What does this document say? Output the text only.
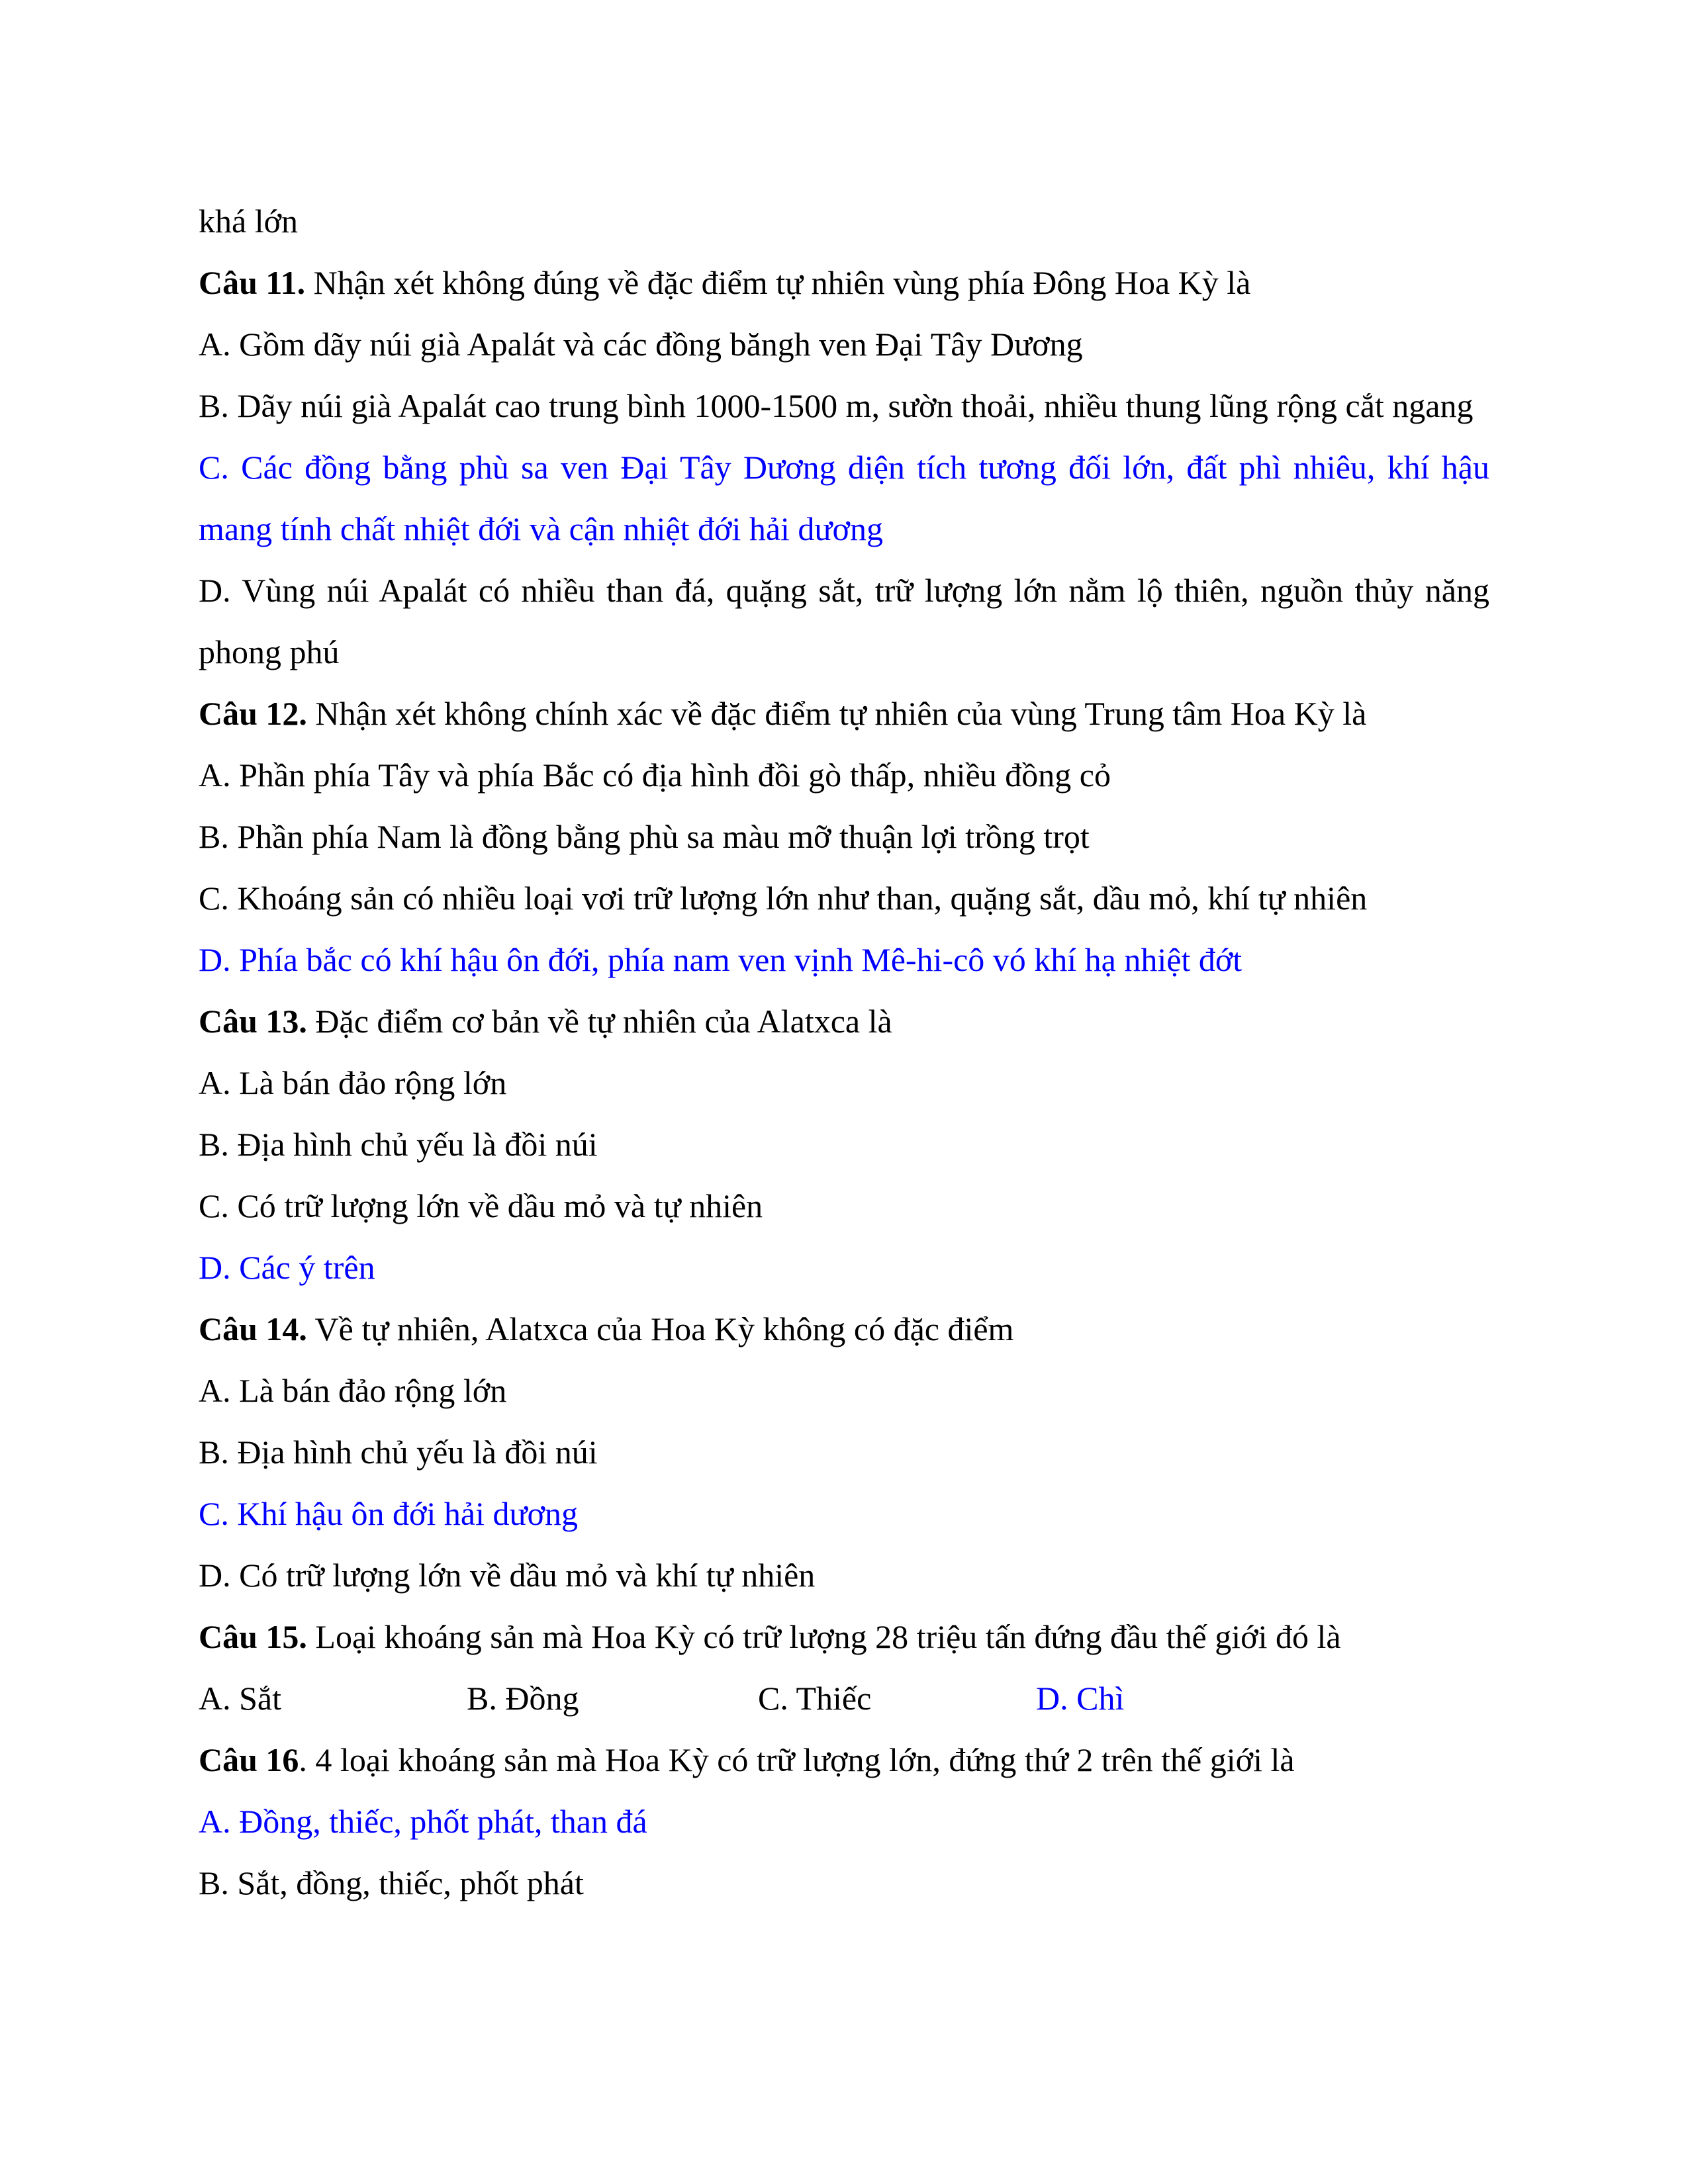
khá lớn
Câu 11. Nhận xét không đúng về đặc điểm tự nhiên vùng phía Đông Hoa Kỳ là
A. Gồm dãy núi già Apalát và các đồng băngh ven Đại Tây Dương
B. Dãy núi già Apalát cao trung bình 1000-1500 m, sườn thoải, nhiều thung lũng rộng cắt ngang
C. Các đồng bằng phù sa ven Đại Tây Dương diện tích tương đối lớn, đất phì nhiêu, khí hậu mang tính chất nhiệt đới và cận nhiệt đới hải dương
D. Vùng núi Apalát có nhiều than đá, quặng sắt, trữ lượng lớn nằm lộ thiên, nguồn thủy năng phong phú
Câu 12. Nhận xét không chính xác về đặc điểm tự nhiên của vùng Trung tâm Hoa Kỳ là
A. Phần phía Tây và phía Bắc có địa hình đồi gò thấp, nhiều đồng cỏ
B. Phần phía Nam là đồng bằng phù sa màu mỡ thuận lợi trồng trọt
C. Khoáng sản có nhiều loại vơi trữ lượng lớn như than, quặng sắt, dầu mỏ, khí tự nhiên
D. Phía bắc có khí hậu ôn đới, phía nam ven vịnh Mê-hi-cô vó khí hạ nhiệt đớt
Câu 13. Đặc điểm cơ bản về tự nhiên của Alatxca là
A. Là bán đảo rộng lớn
B. Địa hình chủ yếu là đồi núi
C. Có trữ lượng lớn về dầu mỏ và tự nhiên
D. Các ý trên
Câu 14. Về tự nhiên, Alatxca của Hoa Kỳ không có đặc điểm
A. Là bán đảo rộng lớn
B. Địa hình chủ yếu là đồi núi
C. Khí hậu ôn đới hải dương
D. Có trữ lượng lớn về dầu mỏ và khí tự nhiên
Câu 15. Loại khoáng sản mà Hoa Kỳ có trữ lượng 28 triệu tấn đứng đầu thế giới đó là
A. Sắt	B. Đồng	C. Thiếc	D. Chì
Câu 16. 4 loại khoáng sản mà Hoa Kỳ có trữ lượng lớn, đứng thứ 2 trên thế giới là
A. Đồng, thiếc, phốt phát, than đá
B. Sắt, đồng, thiếc, phốt phát
